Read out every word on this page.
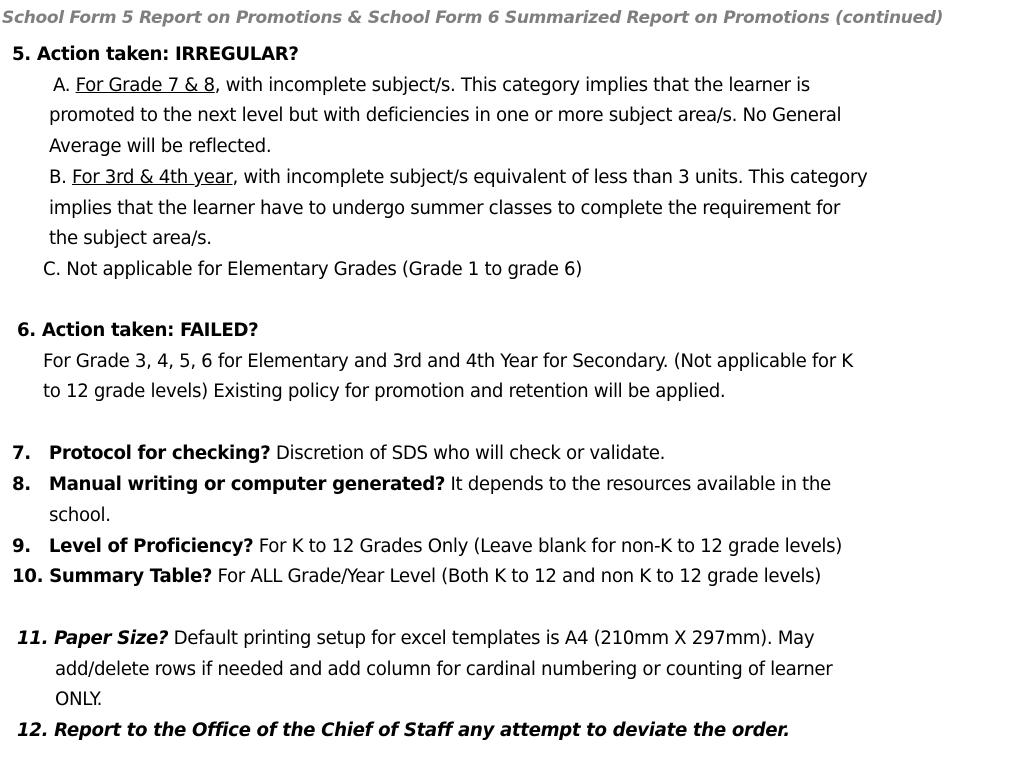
School Form 5 Report on Promotions & School Form 6 Summarized Report on Promotions (continued)
5. Action taken: IRREGULAR?
A. For Grade 7 & 8, with incomplete subject/s. This category implies that the learner is
promoted to the next level but with deficiencies in one or more subject area/s. No General
Average will be reflected.
B. For 3rd & 4th year, with incomplete subject/s equivalent of less than 3 units. This category
implies that the learner have to undergo summer classes to complete the requirement for
the subject area/s.
C. Not applicable for Elementary Grades (Grade 1 to grade 6)
6. Action taken: FAILED?
For Grade 3, 4, 5, 6 for Elementary and 3rd and 4th Year for Secondary. (Not applicable for K
to 12 grade levels) Existing policy for promotion and retention will be applied.
7. Protocol for checking? Discretion of SDS who will check or validate.
8. Manual writing or computer generated? It depends to the resources available in the
school.
9. Level of Proficiency? For K to 12 Grades Only (Leave blank for non-K to 12 grade levels)
10. Summary Table? For ALL Grade/Year Level (Both K to 12 and non K to 12 grade levels)
11. Paper Size? Default printing setup for excel templates is A4 (210mm X 297mm). May
add/delete rows if needed and add column for cardinal numbering or counting of learner
ONLY.
12. Report to the Office of the Chief of Staff any attempt to deviate the order.
